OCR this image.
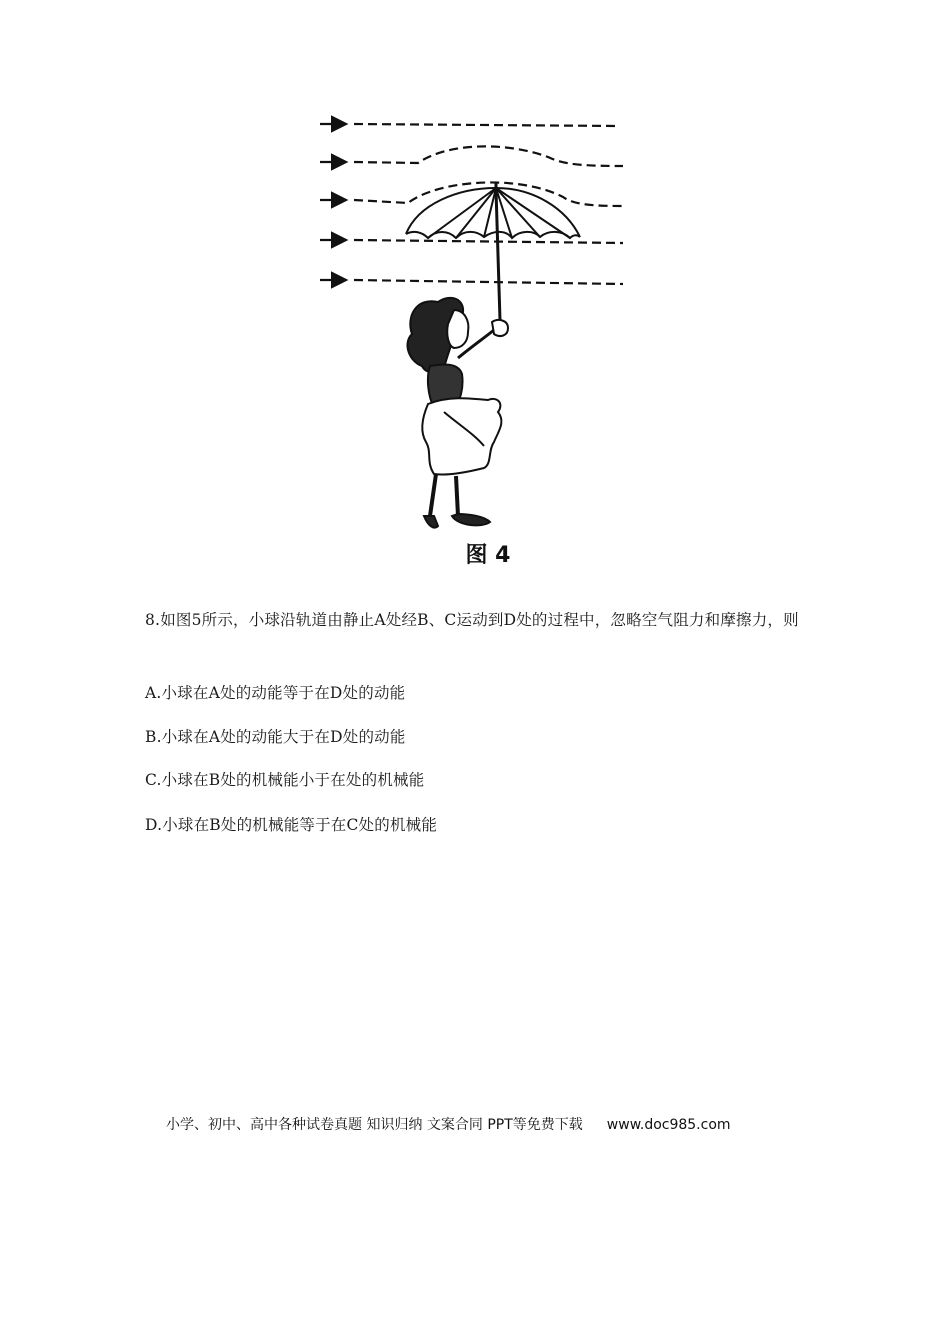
图 4
8.如图5所示，小球沿轨道由静止A处经B、C运动到D处的过程中，忽略空气阻力和摩擦力，则
A.小球在A处的动能等于在D处的动能
B.小球在A处的动能大于在D处的动能
C.小球在B处的机械能小于在处的机械能
D.小球在B处的机械能等于在C处的机械能
小学、初中、高中各种试卷真题 知识归纳 文案合同 PPT等免费下载 www.doc985.com
